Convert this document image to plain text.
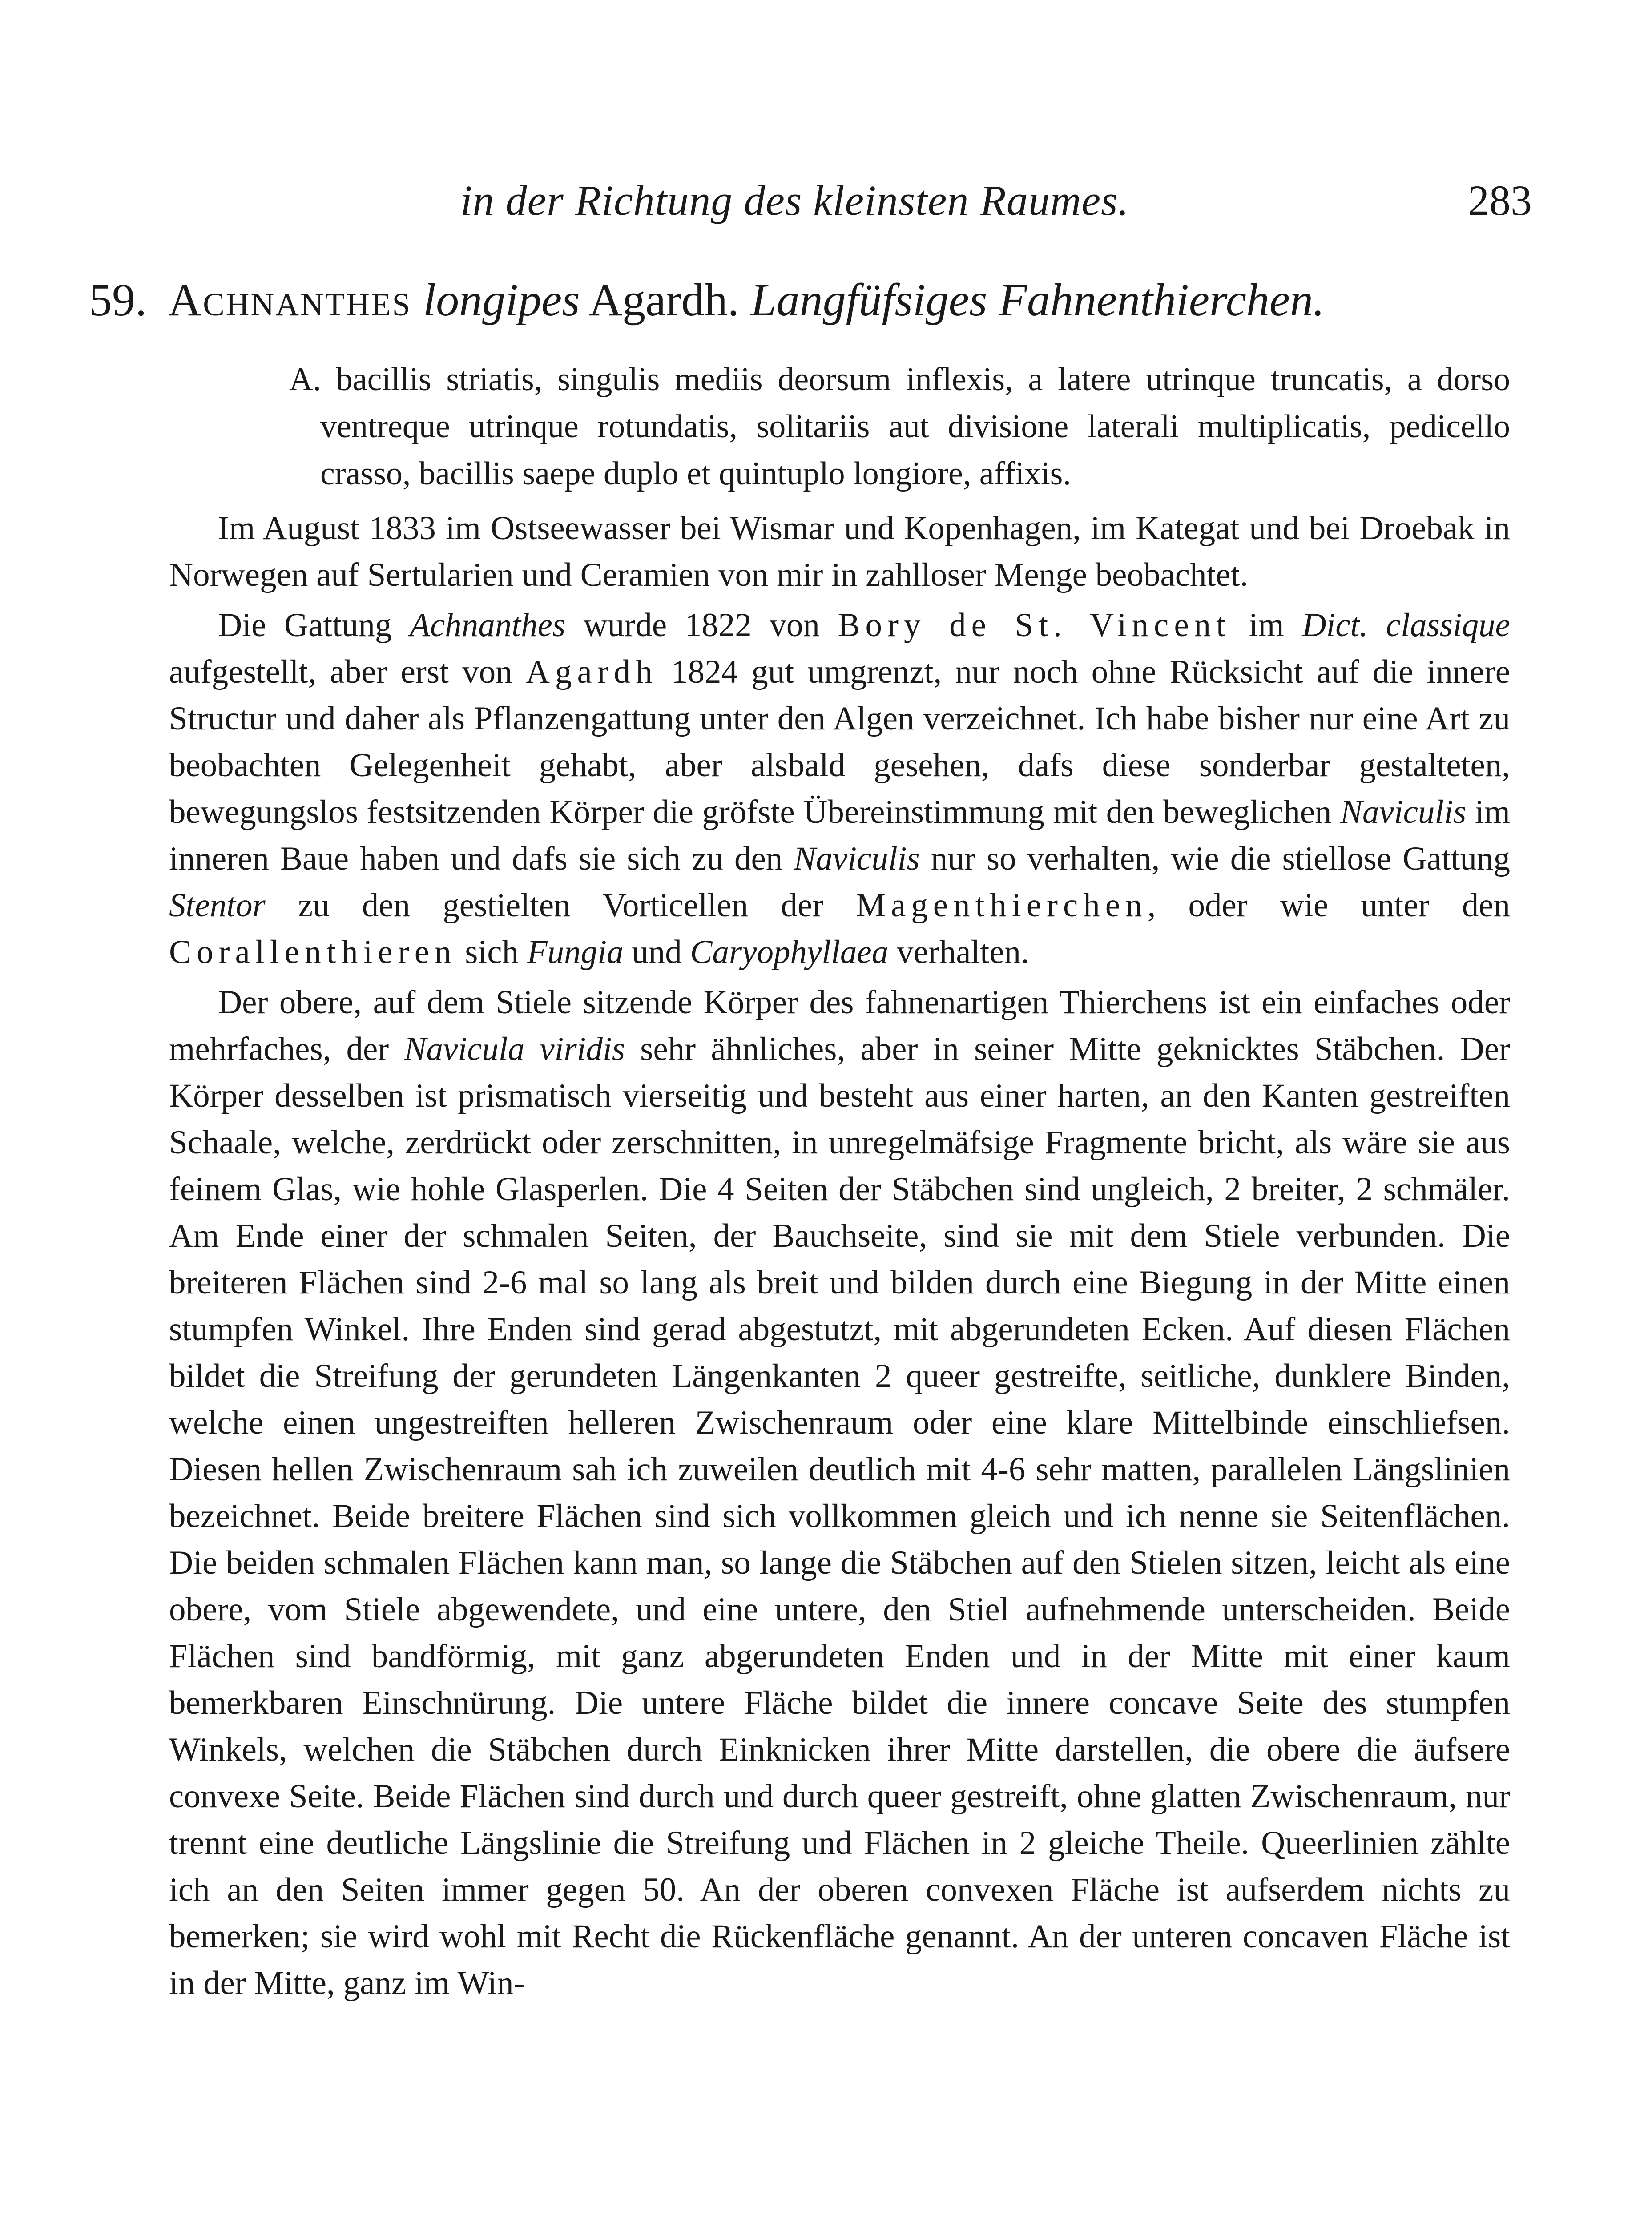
in der Richtung des kleinsten Raumes.	283
59. Achnanthes longipes Agardh. Langfüfsiges Fahnenthierchen.
A. bacillis striatis, singulis mediis deorsum inflexis, a latere utrinque truncatis, a dorso ventreque utrinque rotundatis, solitariis aut divisione laterali multiplicatis, pedicello crasso, bacillis saepe duplo et quintuplo longiore, affixis.

Im August 1833 im Ostseewasser bei Wismar und Kopenhagen, im Kategat und bei Droebak in Norwegen auf Sertularien und Ceramien von mir in zahlloser Menge beobachtet.

Die Gattung Achnanthes wurde 1822 von Bory de St. Vincent im Dict. classique aufgestellt, aber erst von Agardh 1824 gut umgrenzt, nur noch ohne Rücksicht auf die innere Structur und daher als Pflanzengattung unter den Algen verzeichnet. Ich habe bisher nur eine Art zu beobachten Gelegenheit gehabt, aber alsbald gesehen, dafs diese sonderbar gestalteten, bewegungslos festsitzenden Körper die gröfste Übereinstimmung mit den beweglichen Naviculis im inneren Baue haben und dafs sie sich zu den Naviculis nur so verhalten, wie die stiellose Gattung Stentor zu den gestielten Vorticellen der Magenthierchen, oder wie unter den Corallenthieren sich Fungia und Caryophyllaea verhalten.

Der obere, auf dem Stiele sitzende Körper des fahnenartigen Thierchens ist ein einfaches oder mehrfaches, der Navicula viridis sehr ähnliches, aber in seiner Mitte geknicktes Stäbchen. Der Körper desselben ist prismatisch vierseitig und besteht aus einer harten, an den Kanten gestreiften Schaale, welche, zerdrückt oder zerschnitten, in unregelmäfsige Fragmente bricht, als wäre sie aus feinem Glas, wie hohle Glasperlen. Die 4 Seiten der Stäbchen sind ungleich, 2 breiter, 2 schmäler. Am Ende einer der schmalen Seiten, der Bauchseite, sind sie mit dem Stiele verbunden. Die breiteren Flächen sind 2-6 mal so lang als breit und bilden durch eine Biegung in der Mitte einen stumpfen Winkel. Ihre Enden sind gerad abgestutzt, mit abgerundeten Ecken. Auf diesen Flächen bildet die Streifung der gerundeten Längenkanten 2 queer gestreifte, seitliche, dunklere Binden, welche einen ungestreiften helleren Zwischenraum oder eine klare Mittelbinde einschliefsen. Diesen hellen Zwischenraum sah ich zuweilen deutlich mit 4-6 sehr matten, parallelen Längslinien bezeichnet. Beide breitere Flächen sind sich vollkommen gleich und ich nenne sie Seitenflächen. Die beiden schmalen Flächen kann man, so lange die Stäbchen auf den Stielen sitzen, leicht als eine obere, vom Stiele abgewendete, und eine untere, den Stiel aufnehmende unterscheiden. Beide Flächen sind bandförmig, mit ganz abgerundeten Enden und in der Mitte mit einer kaum bemerkbaren Einschnürung. Die untere Fläche bildet die innere concave Seite des stumpfen Winkels, welchen die Stäbchen durch Einknicken ihrer Mitte darstellen, die obere die äufsere convexe Seite. Beide Flächen sind durch und durch queer gestreift, ohne glatten Zwischenraum, nur trennt eine deutliche Längslinie die Streifung und Flächen in 2 gleiche Theile. Queerlinien zählte ich an den Seiten immer gegen 50. An der oberen convexen Fläche ist aufserdem nichts zu bemerken; sie wird wohl mit Recht die Rückenfläche genannt. An der unteren concaven Fläche ist in der Mitte, ganz im Win-
